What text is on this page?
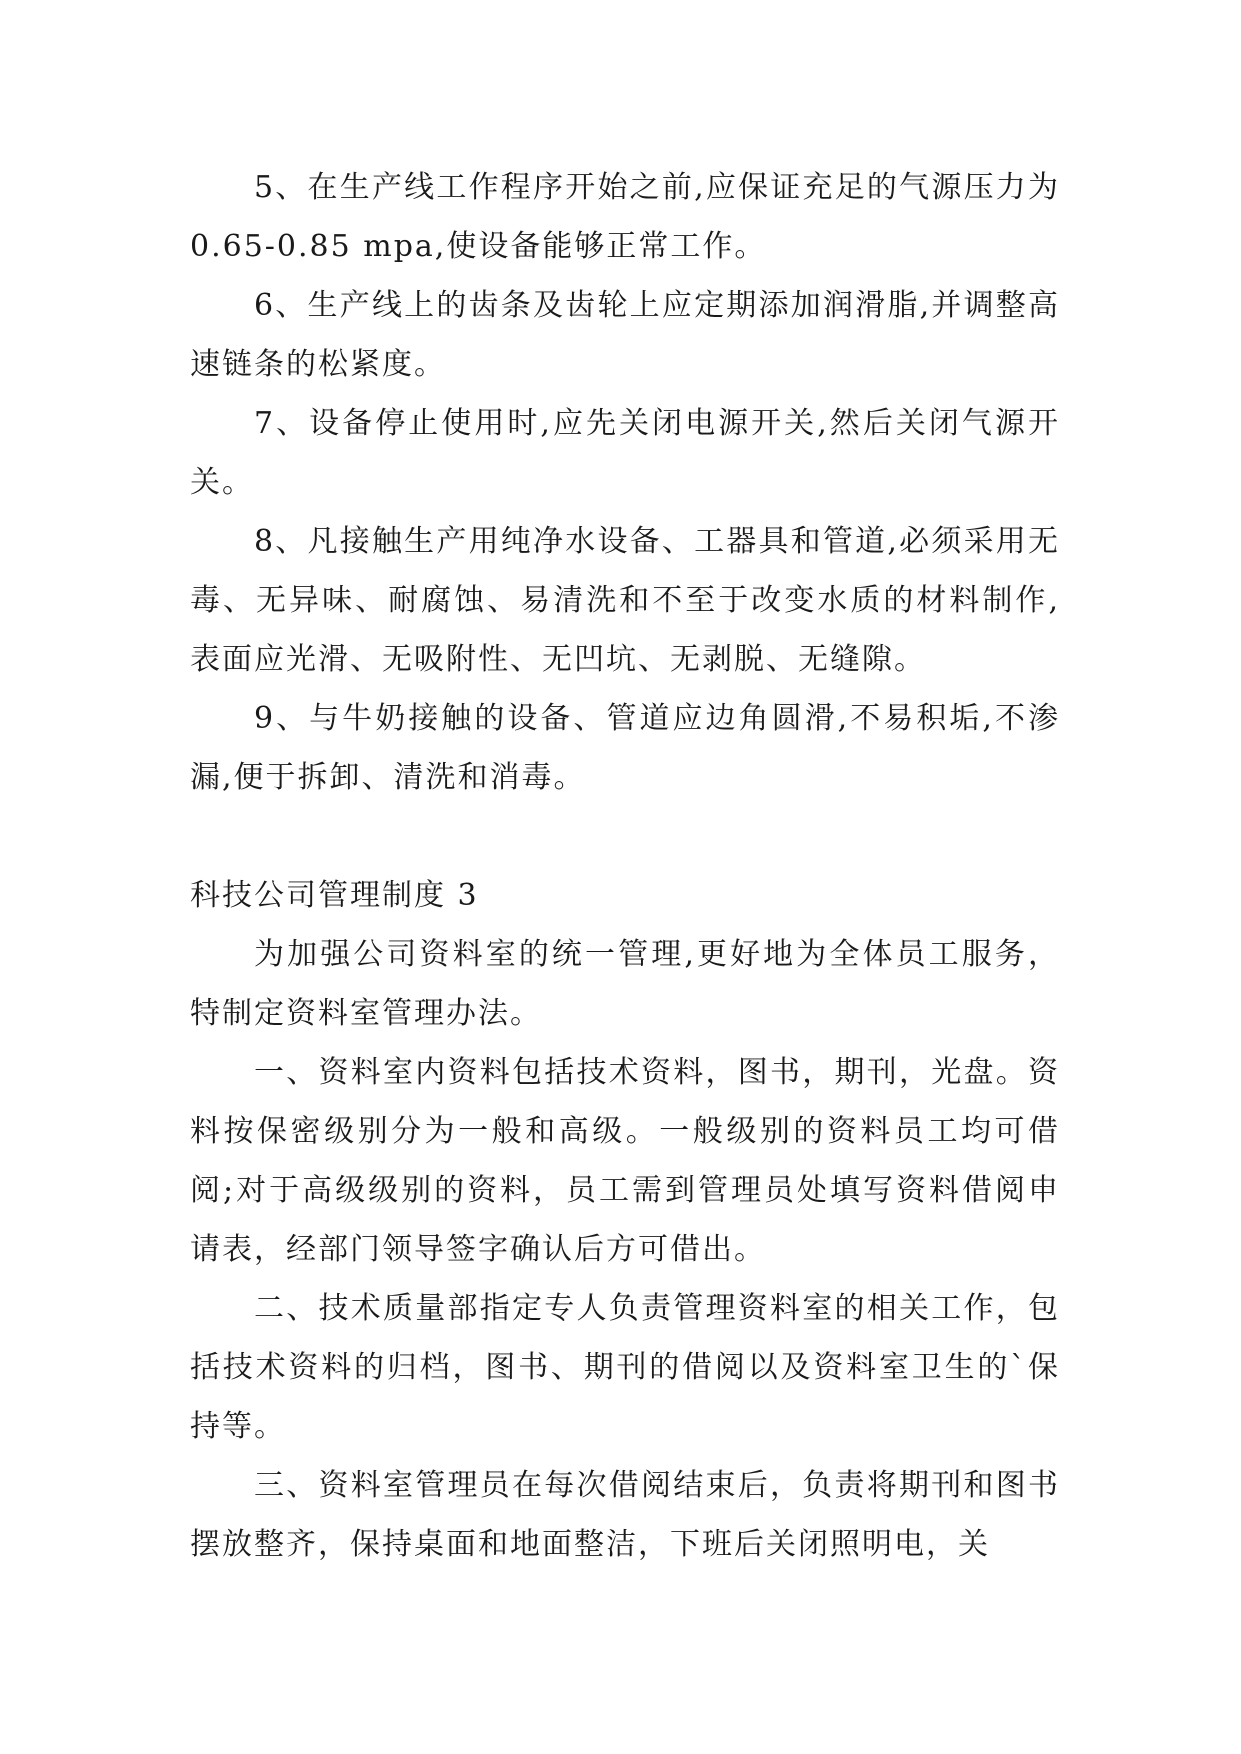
5、在生产线工作程序开始之前,应保证充足的气源压力为 0.65-0.85 mpa,使设备能够正常工作。

6、生产线上的齿条及齿轮上应定期添加润滑脂,并调整高速链条的松紧度。

7、设备停止使用时,应先关闭电源开关,然后关闭气源开关。

8、凡接触生产用纯净水设备、工器具和管道,必须采用无毒、无异味、耐腐蚀、易清洗和不至于改变水质的材料制作,表面应光滑、无吸附性、无凹坑、无剥脱、无缝隙。

9、与牛奶接触的设备、管道应边角圆滑,不易积垢,不渗漏,便于拆卸、清洗和消毒。

科技公司管理制度 3

为加强公司资料室的统一管理,更好地为全体员工服务，特制定资料室管理办法。

一、资料室内资料包括技术资料，图书，期刊，光盘。资料按保密级别分为一般和高级。一般级别的资料员工均可借阅;对于高级级别的资料，员工需到管理员处填写资料借阅申请表，经部门领导签字确认后方可借出。

二、技术质量部指定专人负责管理资料室的相关工作，包括技术资料的归档，图书、期刊的借阅以及资料室卫生的`保持等。

三、资料室管理员在每次借阅结束后，负责将期刊和图书摆放整齐，保持桌面和地面整洁，下班后关闭照明电，关
